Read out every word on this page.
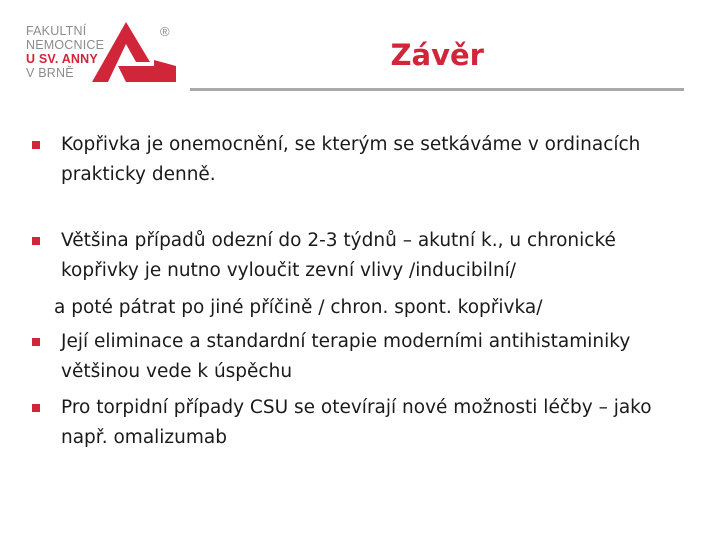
FAKULTNÍ
NEMOCNICE
U SV. ANNY
V BRNĚ
®
Závěr

Kopřivka je onemocnění, se kterým se setkáváme v ordinacích prakticky denně.

Většina případů odezní do 2-3 týdnů – akutní k., u chronické kopřivky je nutno vyloučit zevní vlivy /inducibilní/

a poté pátrat po jiné příčině / chron. spont. kopřivka/

Její eliminace a standardní terapie moderními antihistaminiky většinou vede k úspěchu

Pro torpidní případy CSU se otevírají nové možnosti léčby – jako např. omalizumab
